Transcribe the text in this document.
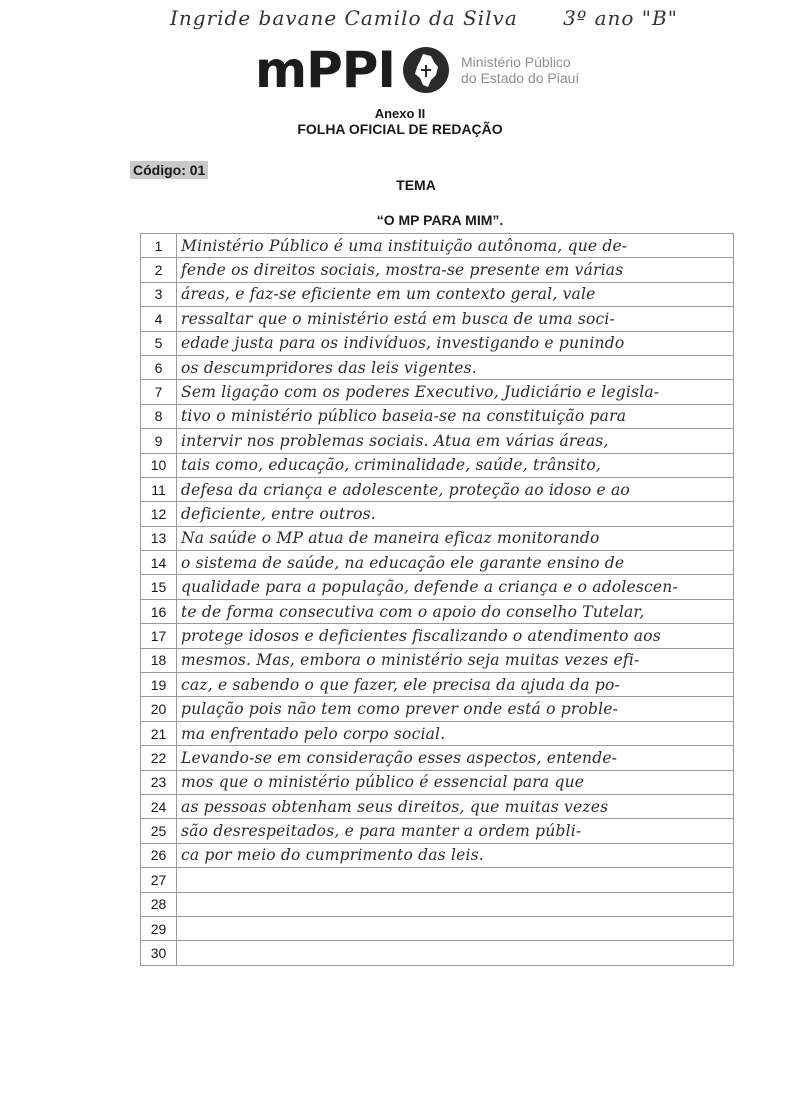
Ingride bavane Camilo da Silva 3º ano "B"
mPPI	Ministério Público
do Estado do Piauí
Anexo II
FOLHA OFICIAL DE REDAÇÃO
Código: 01
TEMA
“O MP PARA MIM”.
1	Ministério Público é uma instituição autônoma, que de-
2	fende os direitos sociais, mostra-se presente em várias
3	áreas, e faz-se eficiente em um contexto geral, vale
4	ressaltar que o ministério está em busca de uma soci-
5	edade justa para os indivíduos, investigando e punindo
6	os descumpridores das leis vigentes.
7	Sem ligação com os poderes Executivo, Judiciário e legisla-
8	tivo o ministério público baseia-se na constituição para
9	intervir nos problemas sociais. Atua em várias áreas,
10	tais como, educação, criminalidade, saúde, trânsito,
11	defesa da criança e adolescente, proteção ao idoso e ao
12	deficiente, entre outros.
13	Na saúde o MP atua de maneira eficaz monitorando
14	o sistema de saúde, na educação ele garante ensino de
15	qualidade para a população, defende a criança e o adolescen-
16	te de forma consecutiva com o apoio do conselho Tutelar,
17	protege idosos e deficientes fiscalizando o atendimento aos
18	mesmos. Mas, embora o ministério seja muitas vezes efi-
19	caz, e sabendo o que fazer, ele precisa da ajuda da po-
20	pulação pois não tem como prever onde está o proble-
21	ma enfrentado pelo corpo social.
22	Levando-se em consideração esses aspectos, entende-
23	mos que o ministério público é essencial para que
24	as pessoas obtenham seus direitos, que muitas vezes
25	são desrespeitados, e para manter a ordem públi-
26	ca por meio do cumprimento das leis.
27	
28	
29	
30	
